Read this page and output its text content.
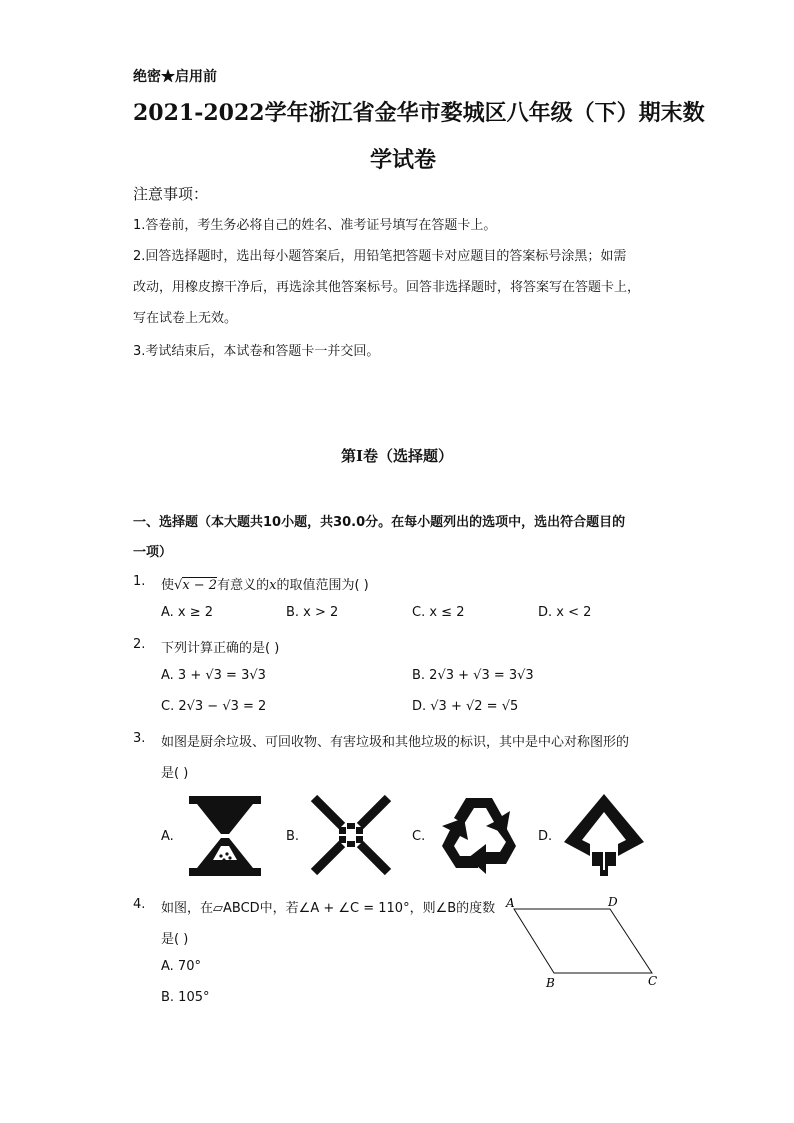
绝密★启用前
2021-2022学年浙江省金华市婺城区八年级（下）期末数
学试卷
注意事项：
1.答卷前，考生务必将自己的姓名、准考证号填写在答题卡上。
2.回答选择题时，选出每小题答案后，用铅笔把答题卡对应题目的答案标号涂黑；如需
改动，用橡皮擦干净后，再选涂其他答案标号。回答非选择题时，将答案写在答题卡上，
写在试卷上无效。
3.考试结束后，本试卷和答题卡一并交回。
第Ⅰ卷（选择题）
一、选择题（本大题共10小题，共30.0分。在每小题列出的选项中，选出符合题目的
一项）
1. 使√x − 2有意义的x的取值范围为( )
A. x ≥ 2	B. x > 2	C. x ≤ 2	D. x < 2
2. 下列计算正确的是( )
A. 3 + √3 = 3√3	B. 2√3 + √3 = 3√3
C. 2√3 − √3 = 2	D. √3 + √2 = √5
3. 如图是厨余垃圾、可回收物、有害垃圾和其他垃圾的标识，其中是中心对称图形的
是( )
A.	B.	C.	D.
4. 如图，在▱ABCD中，若∠A + ∠C = 110°，则∠B的度数
是( )
A. 70°
B. 105°
A	D
B	C
